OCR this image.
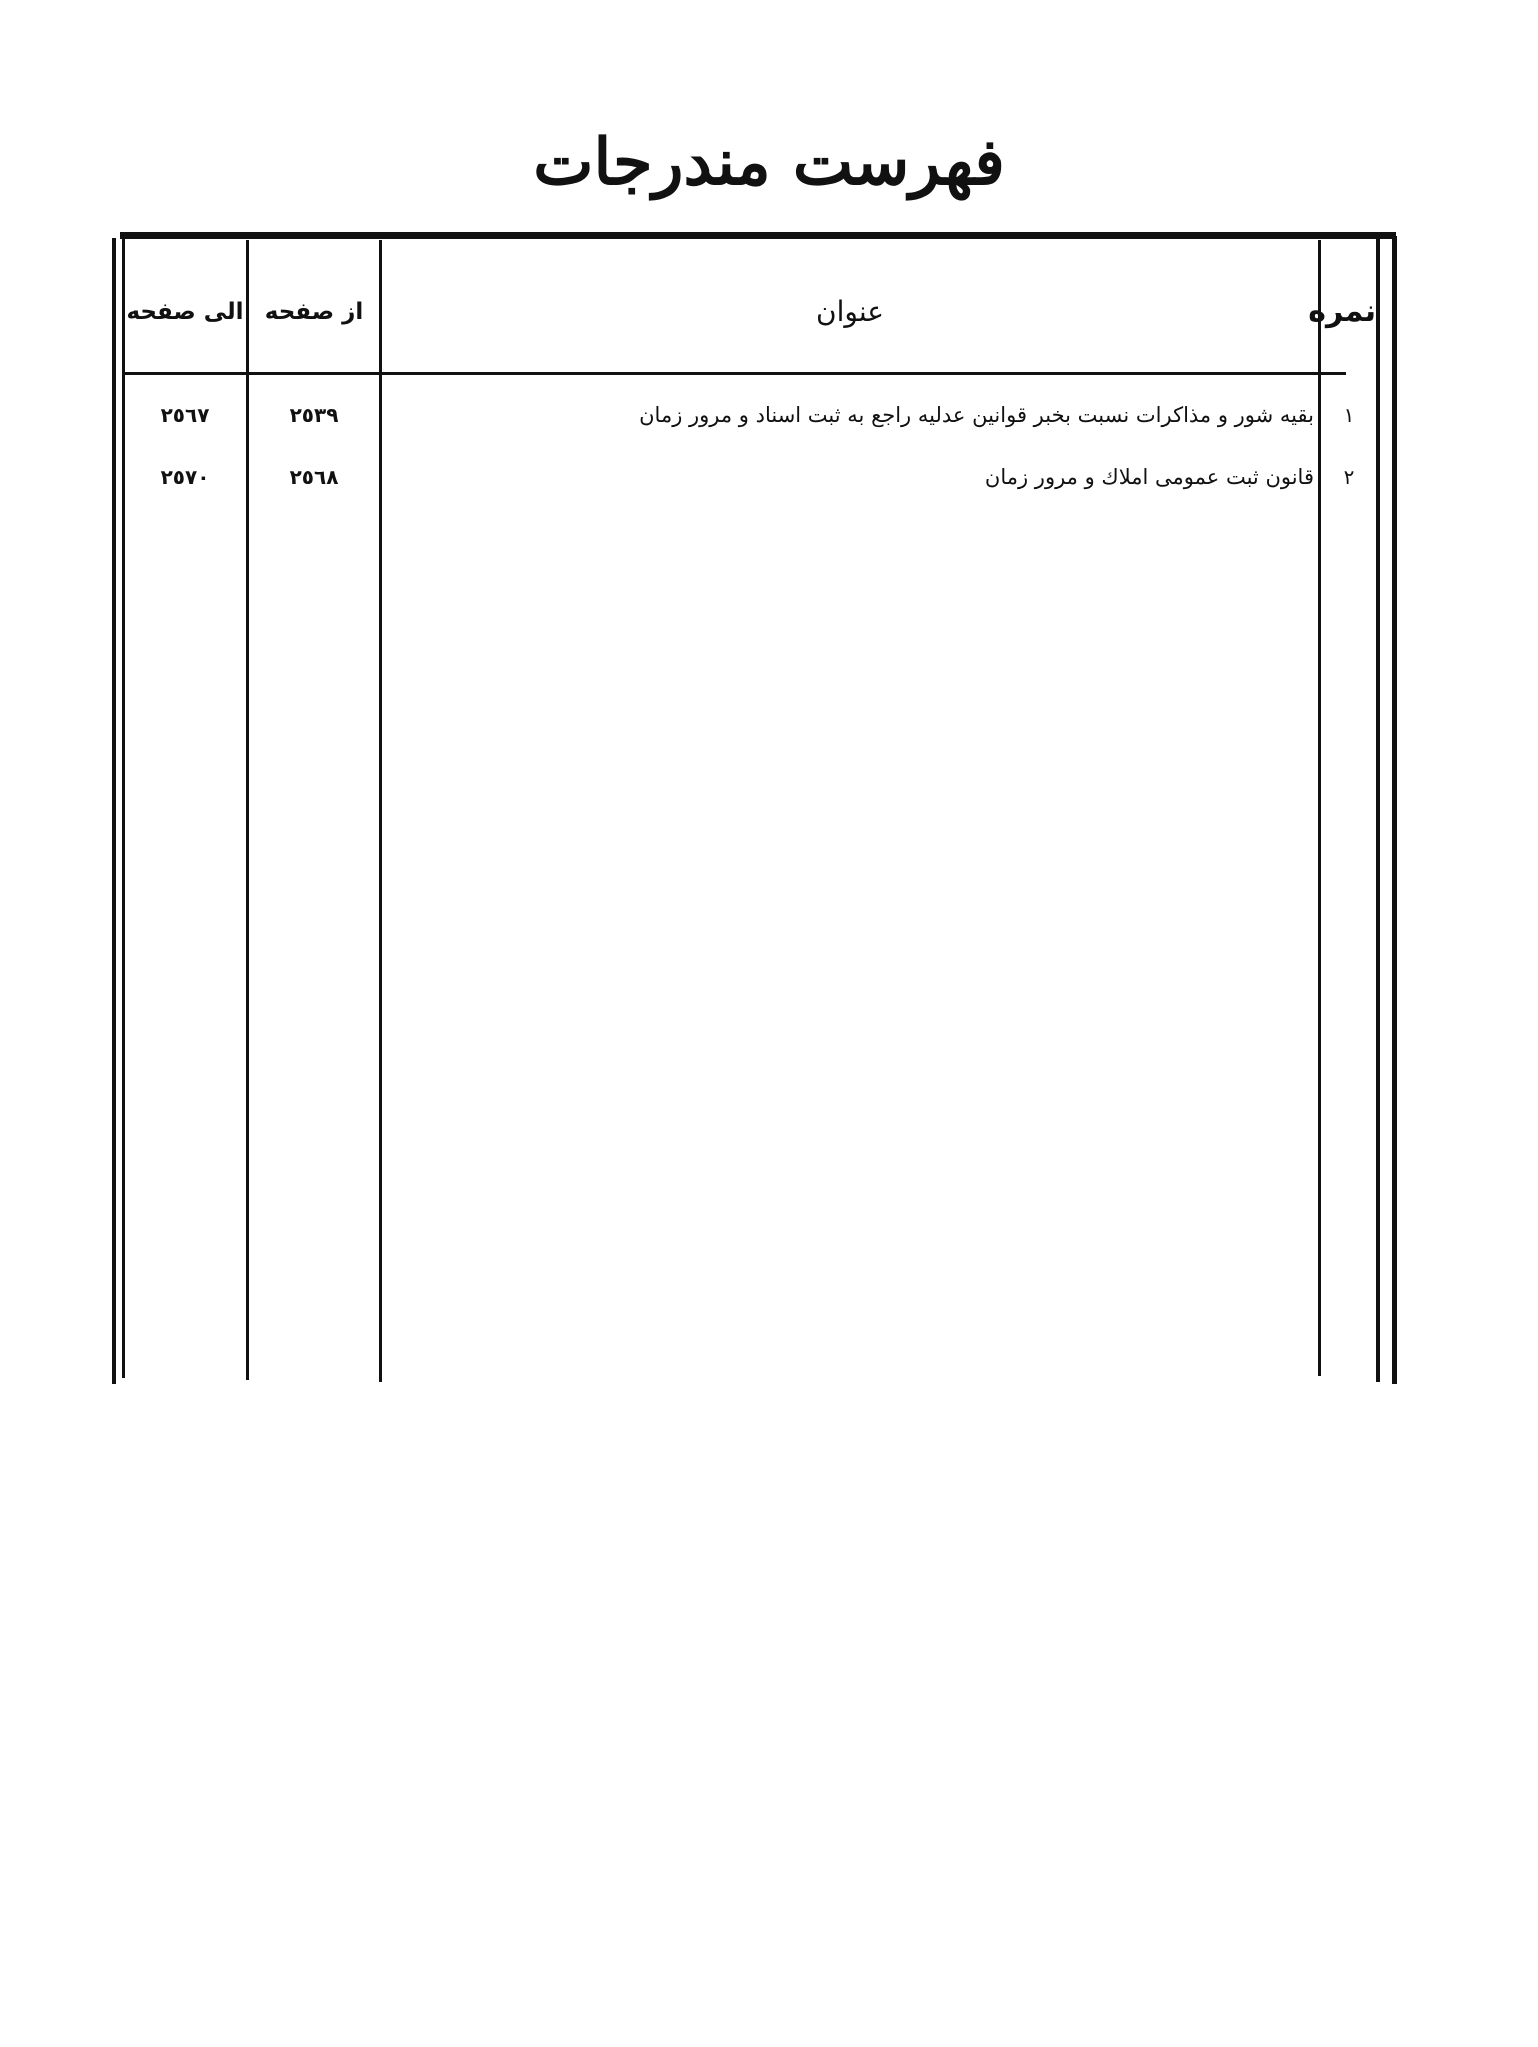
فهرست مندرجات
الی صفحه از صفحه	عنوان	نمره
١
بقیه شور و مذاکرات نسبت بخبر قوانین عدلیه راجع به ثبت اسناد و مرور زمان
٢٥٣٩
٢٥٦٧
٢
قانون ثبت عمومی املاك و مرور زمان
٢٥٦٨
٢٥٧٠
